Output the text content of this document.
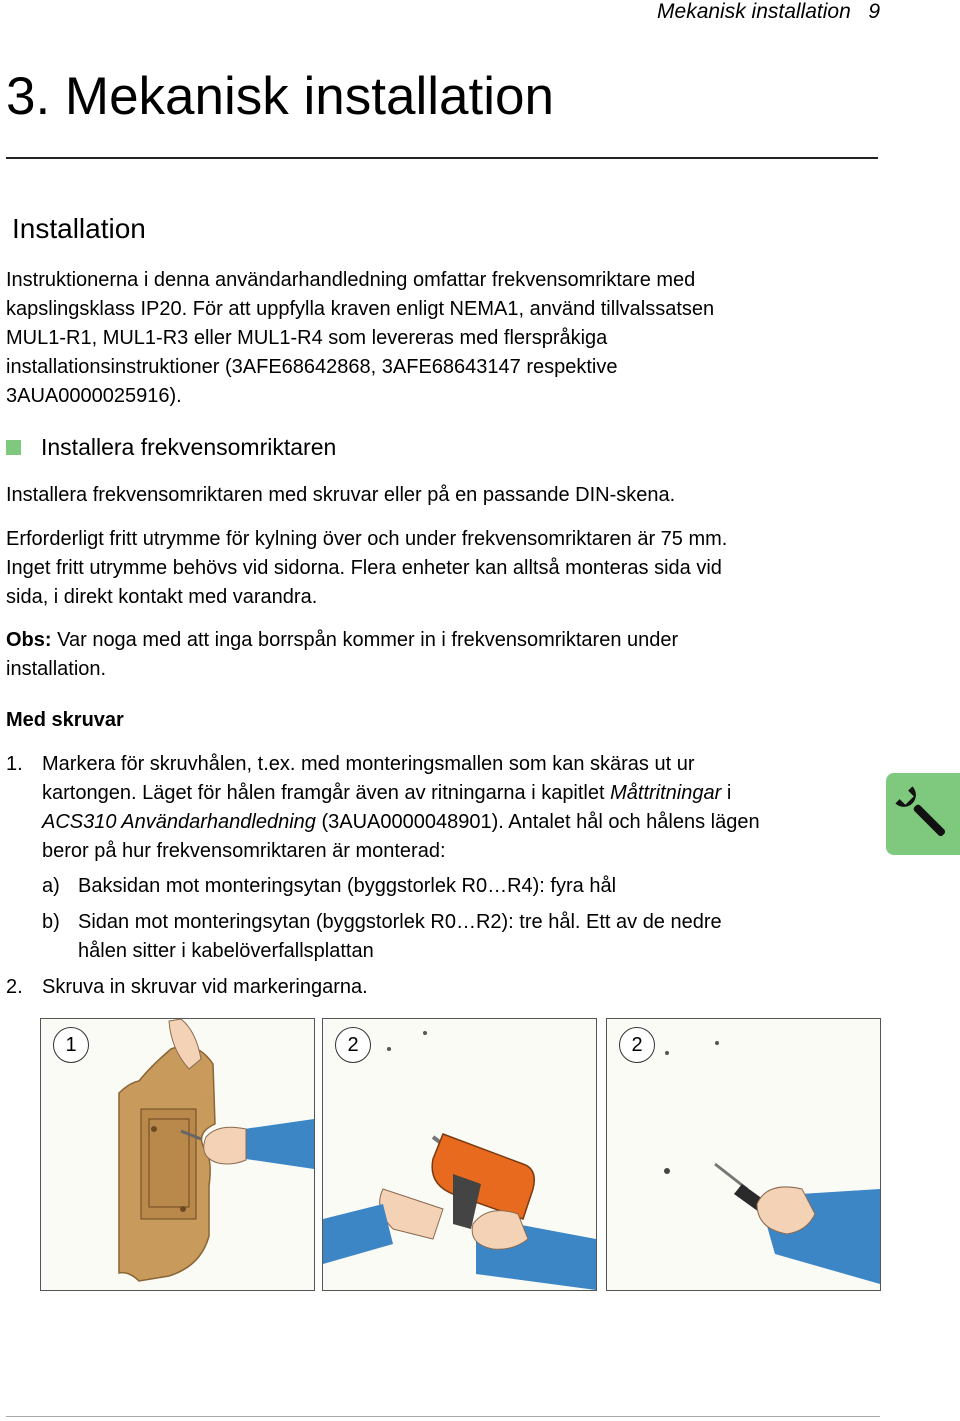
Mekanisk installation 9
3. Mekanisk installation
Installation
Instruktionerna i denna användarhandledning omfattar frekvensomriktare med
kapslingsklass IP20. För att uppfylla kraven enligt NEMA1, använd tillvalssatsen
MUL1-R1, MUL1-R3 eller MUL1-R4 som levereras med flerspråkiga
installationsinstruktioner (3AFE68642868, 3AFE68643147 respektive
3AUA0000025916).
Installera frekvensomriktaren
Installera frekvensomriktaren med skruvar eller på en passande DIN-skena.
Erforderligt fritt utrymme för kylning över och under frekvensomriktaren är 75 mm.
Inget fritt utrymme behövs vid sidorna. Flera enheter kan alltså monteras sida vid
sida, i direkt kontakt med varandra.
Obs: Var noga med att inga borrspån kommer in i frekvensomriktaren under
installation.
Med skruvar
1. Markera för skruvhålen, t.ex. med monteringsmallen som kan skäras ut ur
kartongen. Läget för hålen framgår även av ritningarna i kapitlet Måttritningar i
ACS310 Användarhandledning (3AUA0000048901). Antalet hål och hålens lägen
beror på hur frekvensomriktaren är monterad:
a) Baksidan mot monteringsytan (byggstorlek R0…R4): fyra hål
b) Sidan mot monteringsytan (byggstorlek R0…R2): tre hål. Ett av de nedre
hålen sitter i kabelöverfallsplattan
2. Skruva in skruvar vid markeringarna.
1	2	2
